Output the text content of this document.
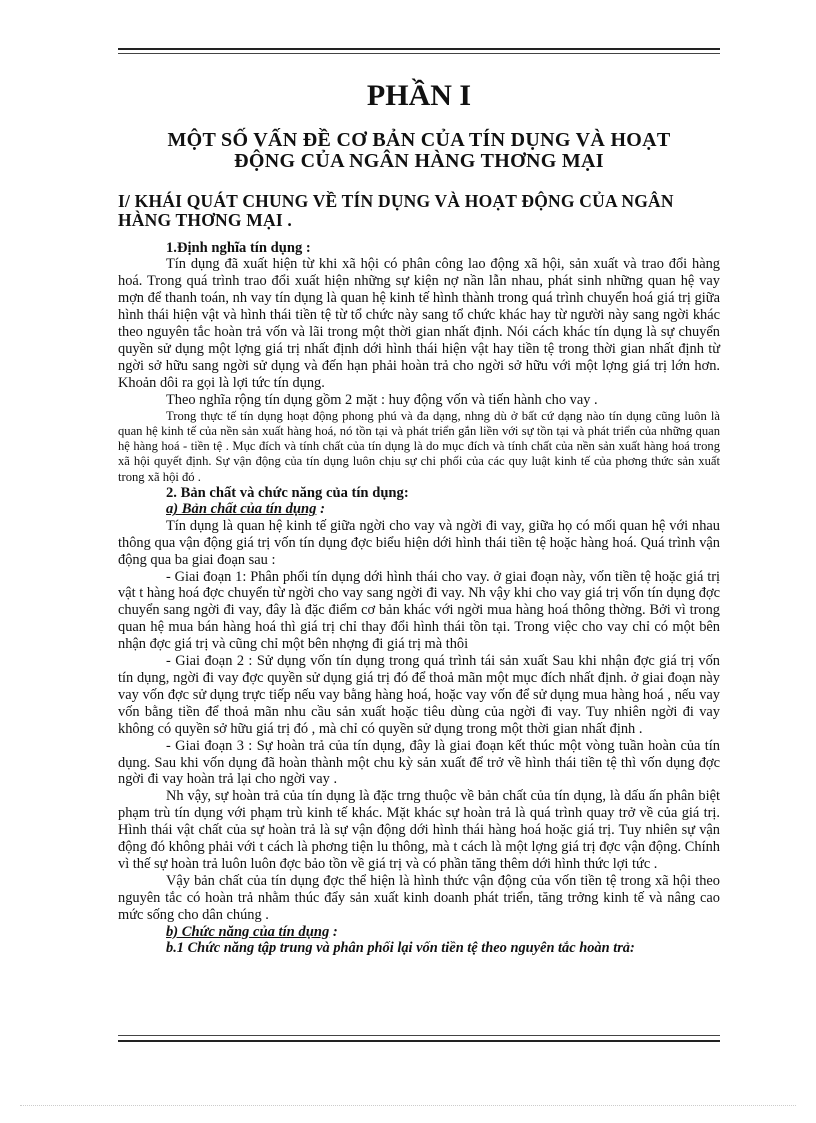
PHẦN I
MỘT SỐ VẤN ĐỀ CƠ BẢN CỦA TÍN DỤNG VÀ HOẠT
ĐỘNG CỦA NGÂN HÀNG THƠNG MẠI
I/ KHÁI QUÁT CHUNG VỀ TÍN DỤNG VÀ HOẠT ĐỘNG CỦA NGÂN HÀNG THƠNG MẠI .
1.Định nghĩa tín dụng :

Tín dụng đã xuất hiện từ khi xã hội có phân công lao động xã hội, sản xuất và trao đổi hàng hoá. Trong quá trình trao đổi xuất hiện những sự kiện nợ nần lẫn nhau, phát sinh những quan hệ vay mợn để thanh toán, nh vay tín dụng là quan hệ kinh tế hình thành trong quá trình chuyển hoá giá trị giữa hình thái hiện vật và hình thái tiền tệ từ tổ chức này sang tổ chức khác hay từ người này sang ngời khác theo nguyên tắc hoàn trả vốn và lãi trong một thời gian nhất định. Nói cách khác tín dụng là sự chuyển quyền sử dụng một lợng giá trị nhất định dới hình thái hiện vật hay tiền tệ trong thời gian nhất định từ ngời sở hữu sang ngời sử dụng và đến hạn phải hoàn trả cho ngời sở hữu với một lợng giá trị lớn hơn. Khoản dôi ra gọi là lợi tức tín dụng.

Theo nghĩa rộng tín dụng gồm 2 mặt : huy động vốn và tiến hành cho vay .

Trong thực tế tín dụng hoạt động phong phú và đa dạng, nhng dù ở bất cứ dạng nào tín dụng cũng luôn là quan hệ kinh tế của nền sản xuất hàng hoá, nó tồn tại và phát triển gắn liền với sự tồn tại và phát triển của những quan hệ hàng hoá - tiền tệ . Mục đích và tính chất của tín dụng là do mục đích và tính chất của nền sản xuất hàng hoá trong xã hội quyết định. Sự vận động của tín dụng luôn chịu sự chi phối của các quy luật kinh tế của phơng thức sản xuất trong xã hội đó .

2. Bản chất và chức năng của tín dụng:
a) Bản chất của tín dụng :

Tín dụng là quan hệ kinh tế giữa ngời cho vay và ngời đi vay, giữa họ có mối quan hệ với nhau thông qua vận động giá trị vốn tín dụng đợc biểu hiện dới hình thái tiền tệ hoặc hàng hoá. Quá trình vận động qua ba giai đoạn sau :

- Giai đoạn 1: Phân phối tín dụng dới hình thái cho vay. ở giai đoạn này, vốn tiền tệ hoặc giá trị vật t hàng hoá đợc chuyển từ ngời cho vay sang ngời đi vay. Nh vậy khi cho vay giá trị vốn tín dụng đợc chuyển sang ngời đi vay, đây là đặc điểm cơ bản khác với ngời mua hàng hoá thông thờng. Bởi vì trong quan hệ mua bán hàng hoá thì giá trị chỉ thay đổi hình thái tồn tại. Trong việc cho vay chỉ có một bên nhận đợc giá trị và cũng chỉ một bên nhợng đi giá trị mà thôi

- Giai đoạn 2 : Sử dụng vốn tín dụng trong quá trình tái sản xuất Sau khi nhận đợc giá trị vốn tín dụng, ngời đi vay đợc quyền sử dụng giá trị đó để thoả mãn một mục đích nhất định. ở giai đoạn này vay vốn đợc sử dụng trực tiếp nếu vay bằng hàng hoá, hoặc vay vốn để sử dụng mua hàng hoá , nếu vay vốn bằng tiền để thoả mãn nhu cầu sản xuất hoặc tiêu dùng của ngời đi vay. Tuy nhiên ngời đi vay không có quyền sở hữu giá trị đó , mà chỉ có quyền sử dụng trong một thời gian nhất định .

- Giai đoạn 3 : Sự hoàn trả của tín dụng, đây là giai đoạn kết thúc một vòng tuần hoàn của tín dụng. Sau khi vốn dụng đã hoàn thành một chu kỳ sản xuất để trở về hình thái tiền tệ thì vốn dụng đợc ngời đi vay hoàn trả lại cho ngời vay .

Nh vậy, sự hoàn trả của tín dụng là đặc trng thuộc về bản chất của tín dụng, là dấu ấn phân biệt phạm trù tín dụng với phạm trù kinh tế khác. Mặt khác sự hoàn trả là quá trình quay trở về của giá trị. Hình thái vật chất của sự hoàn trả là sự vận động dới hình thái hàng hoá hoặc giá trị. Tuy nhiên sự vận động đó không phải với t cách là phơng tiện lu thông, mà t cách là một lợng giá trị đợc vận động. Chính vì thế sự hoàn trả luôn luôn đợc bảo tồn về giá trị và có phần tăng thêm dới hình thức lợi tức .

Vậy bản chất của tín dụng đợc thể hiện là hình thức vận động của vốn tiền tệ trong xã hội theo nguyên tắc có hoàn trả nhằm thúc đẩy sản xuất kinh doanh phát triển, tăng trởng kinh tế và nâng cao mức sống cho dân chúng .

b) Chức năng của tín dụng :
b.1 Chức năng tập trung và phân phối lại vốn tiền tệ theo nguyên tắc hoàn trả:
